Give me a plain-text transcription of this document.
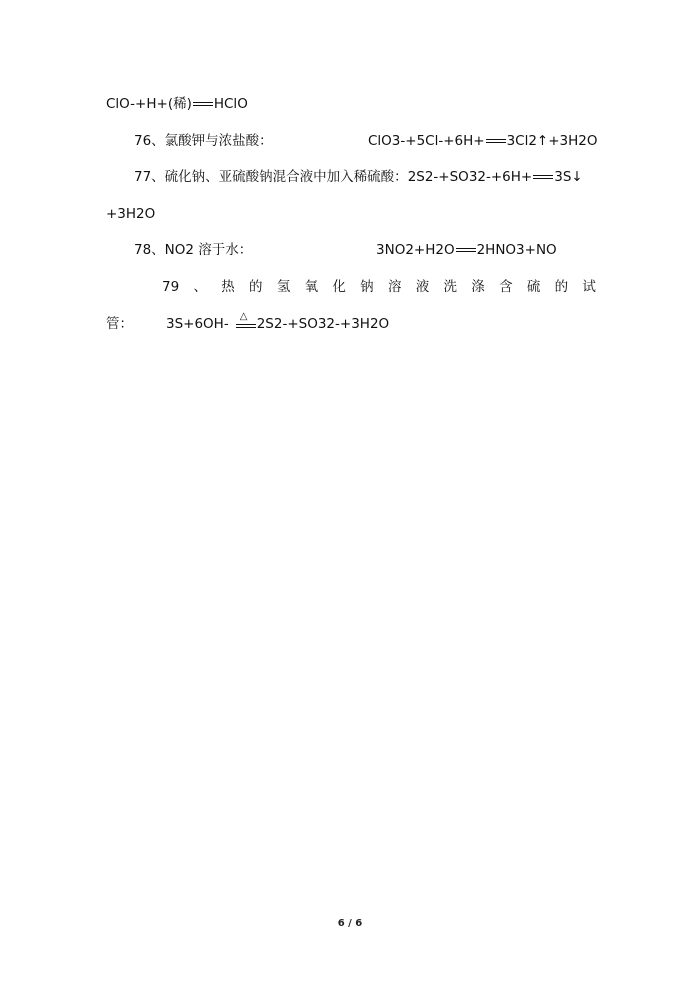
ClO-+H+(稀) HClO
76、氯酸钾与浓盐酸：	ClO3-+5Cl-+6H+ 3Cl2↑+3H2O
77、硫化钠、亚硫酸钠混合液中加入稀硫酸：2S2-+SO32-+6H+ 3S↓
+3H2O
78、NO2 溶于水：	3NO2+H2O 2HNO3+NO
79 、 热 的 氢 氧 化 钠 溶 液 洗 涤 含 硫 的 试
管： 3S+6OH- △ 2S2-+SO32-+3H2O
6 / 6
